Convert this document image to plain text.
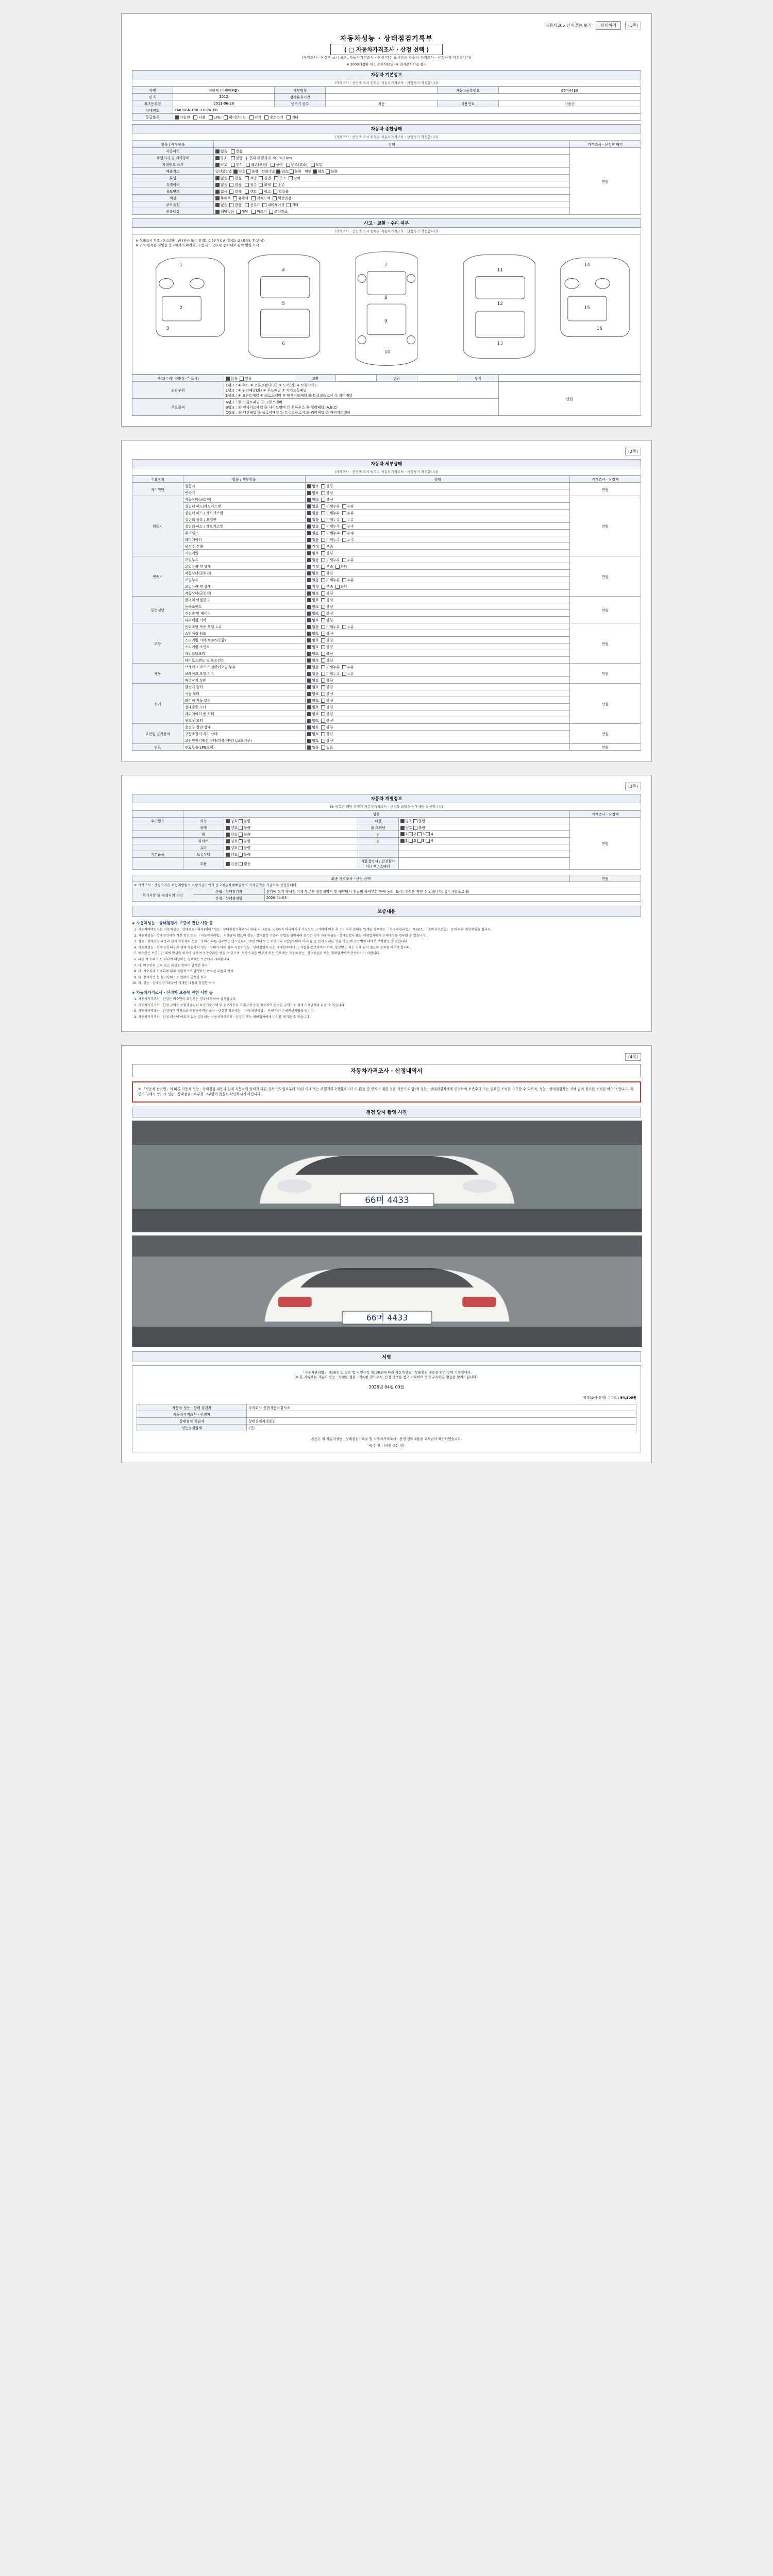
자동차365 안내말씀 보기	인쇄하기	(1쪽)
자동차성능 · 상태점검기록부
( □ 자동차가격조사 · 산정 선택 )
(가격조사 · 산정액 표시 포함, 자동차가격조사 · 산정 액수 표시란은 자동차 가격조사 · 산정자가 작성합니다)
※ 2008개정판 제 1 호서식(2면) ※ 전자문서이용 불가
자동차 기본정보
(가격조사 · 산정액 표시 항목은 자동차가격조사 · 산정자가 작성합니다)
차명	아반떼 (아반떼MD)	세부명칭		자동차등록번호	66머4433
연 식	2012	검사유효기간			
최초등록일	2011-06-28	변속기 종류	자동	사용연료	가솔린
차대번호	KMHD041DBCU1024186				
등급분류	가솔린 디젤 LPG 하이브리드 전기 수소전기 기타				
자동차 종합상태
(가격조사 · 산정액 표시 항목은 자동차가격조사 · 산정자가 작성합니다)
항목 / 세부항목	상태	가격조사 · 산정액 빼기
사용이력	없음 있음	만원
주행거리 및 계기상태	양호 불량   |  현재 주행거리 90,917 km	
차대번호 표기	양호 부식 훼손(오염) 상이 변조(위조) 도말	
배출가스	일산화탄소 양호 불량 탄화수소 양호 불량 매연 양호 불량	
튜닝	없음 있음 적법 불법 구조 장치	
특별이력	없음 있음 침수 화재 전손	
용도변경	없음 있음 렌트 리스 영업용	
색상	무채색 유채색 전체도색 색상변경	
주요옵션	없음 있음 선루프 내비게이션 기타	
리콜대상	해당없음 해당 미조치 조치완료	
사고 · 교환 · 수리 여부
(가격조사 · 산정액 표시 항목은 자동차가격조사 · 산정자가 작성합니다)
※ 상태표시 부호 : X (교환), W (판금 또는 용접), C (부식), A (흠집), U (요철), T (손상)
※ 위의 항목은 설명을 참고하시기 바라며, 그림 위의 번호는 순서대로 판의 명칭 표시
1
2
3
4
5
6
7
8
9
10
11
12
13
14
15
16
사고(수리)이력(유·무 표시)	없음 있음	교환		판금		부식	
외판부위	1랭크 : ① 후드 ② 프론트펜더(좌) ③ 도어(좌) ④ 트렁크리드
2랭크 : ⑤ 쿼터패널(좌) ⑥ 루프패널 ⑦ 사이드실패널
3랭크 : ⑧ 프론트패널 ⑨ 크로스멤버 ⑩ 인사이드패널 ⑪ 트렁크플로어 ⑫ 리어패널						만원
주요골격	A랭크 : ⑬ 프론트패널 ⑭ 크로스멤버
B랭크 : ⑮ 인사이드패널 ⑯ 사이드멤버 ⑰ 휠하우스 ⑱ 필러패널 (A,B,C)
C랭크 : ⑲ 대쉬패널 ⑳ 플로어패널 ㉑ 트렁크플로어 ㉒ 리어패널 ㉓ 패키지트레이						
(2쪽)
자동차 세부상태
(가격조사 · 산정액 표시 항목은 자동차가격조사 · 산정자가 작성합니다)
주요장치	항목 / 세부항목	상태	가격조사 · 산정액
자기진단	원동기	양호 불량	만원
	변속기	양호 불량	
원동기	작동상태(공회전)	양호 불량	만원
	실린더 헤드/헤드가스켓	없음 미세누유 누유	
	실린더 헤드 / 헤드개스킷	없음 미세누유 누유	
	실린더 블록 / 오일팬	없음 미세누유 누유	
	실린더 헤드 / 헤드가스켓	없음 미세누수 누수	
	워터펌프	없음 미세누수 누수	
	라디에이터	없음 미세누수 누수	
	냉각수 수량	적정 부족	
	커먼레일	양호 불량	
변속기	오일누유	없음 미세누유 누유	만원
	오일유량 및 상태	적정 부족 과다	
	작동상태(공회전)	양호 불량	
	오일누유	없음 미세누유 누유	
	오일유량 및 상태	적정 부족 과다	
	작동상태(공회전)	양호 불량	
동력전달	클러치 어셈블리	양호 불량	만원
	등속조인트	양호 불량	
	추진축 및 베어링	양호 불량	
	디퍼렌셜 기어	양호 불량	
조향	동력조향 작동 오일 누유	없음 미세누유 누유	만원
	스티어링 펌프	양호 불량	
	스티어링 기어(MDPS포함)	양호 불량	
	스티어링 조인트	양호 불량	
	파워크랭크암	양호 불량	
	타이로드엔드 및 볼조인트	양호 불량	
제동	브레이크 마스터 실린더오일 누유	없음 미세누유 누유	만원
	브레이크 오일 누유	없음 미세누유 누유	
	배력장치 상태	양호 불량	
전기	발전기 출력	양호 불량	만원
	시동 모터	양호 불량	
	와이퍼 기능 모터	양호 불량	
	실내송풍 모터	양호 불량	
	라디에이터 팬 모터	양호 불량	
	윈도우 모터	양호 불량	
고전원 전기장치	충전구 절연 상태	양호 불량	만원
	구동축전지 격리 상태	양호 불량	
	고전원전기배선 상태(피복,커넥터,보호기구)	양호 불량	
연료	연료누출(LPG포함)	없음 있음	만원
(3쪽)
자동차 개별정보
(※ 항목은 해당 산정자 자동차가격조사 · 산정을 희망한 경우에만 작성합니다)
	항목				가격조사 · 산정액
수리필요	외장	양호 불량	내장	양호 불량	만원
	광택	양호 불량	룸 크리닝	양호 불량	
	휠	양호 불량	전	1 2 3 4	
	타이어	양호 불량	전	1 2 3 4	
	유리	양호 불량			
기본품목	보유상태	양호 불량			
	부품	있음 없음	사용설명서 / 안전삼각대 / 잭 / 스패너		
최종 가격조사 · 산정 금액			만원
※ 가격조사 · 산정가격은 보험개발원의 차량기준가액과 중고자동차매매업자의 거래금액을 기준으로 산정합니다.			
특기사항 및 점검자의 의견	운행 · 상태점검자	점검에 특기 형사적 기재 부분은 점검내역서 및 계약당시 후급의 하자부분 판매 동의, 도색, 부식은 진행 수 있습니다. 유수사항으로 봄	
	산정 · 상태점검일	2026-04-03	
보증내용
◈ 자동차성능 · 상태점검자 보증에 관한 사항 등
1. 자동차매매업자는 자동차성능 · 상태점검기록부(이하 "성능 · 상태점검기록부"라 한다)의 내용을 고지하지 아니하거나 거짓으로 고지하여 매수 후 소비자가 손해를 입게된 경우에는 「자동차관리법」 제58조, 「소비자기본법」 등에 따라 배상책임을 집니다.
2. 자동차성능 · 상태점검자가 거짓 점검 또는 「자동차관리법」 시행규칙 별표의 성능 · 상태점검 기준과 방법을 위반하여 점검한 경우 자동차성능 · 상태점검자 또는 매매업자에게 손해배상을 청구할 수 있습니다.
3. 성능 · 상태점검 내용과 실제 자동차의 성능 · 상태가 다른 경우에는 인도일부터 30일 이내 또는 주행거리 2천킬로미터 이내(둘 중 먼저 도래한 것을 기준)에 보증범위 내에서 보장받을 수 있습니다.
4. 자동차성능 · 상태점검 내용과 실제 자동차의 성능 · 상태가 다른 경우 자동차성능 · 상태점검자 또는 매매업자에게 그 사실을 통보하여야 하며, 통보받은 자는 지체 없이 필요한 조치를 하여야 합니다.
5. 매수인은 보증기간 내에 발생한 하자에 대하여 보증수리를 받을 수 있으며, 보증수리를 받고자 하는 경우에는 자동차성능 · 상태점검자 또는 매매업자에게 연락하시기 바랍니다.
6. 다음 각 호의 어느 하나에 해당하는 경우에는 보증에서 제외됩니다.
7. 가. 매수인의 고의 또는 과실로 인하여 발생한 하자
8. 나. 자동차의 노후화에 따라 자연적으로 발생하는 마모성 부품의 하자
9. 다. 천재지변 등 불가항력으로 인하여 발생한 하자
10. 라. 성능 · 상태점검기록부에 기재된 내용과 동일한 하자
◈ 자동차가격조사 · 산정자 보증에 관한 사항 등
1. 자동차가격조사 · 산정은 매수인이 요청하는 경우에 한하여 실시합니다.
2. 자동차가격조사 · 산정 금액은 보험개발원의 차량기준가액 및 중고자동차 거래금액 등을 참고하여 산정한 금액으로 실제 거래금액과 다를 수 있습니다.
3. 자동차가격조사 · 산정자가 거짓으로 자동차가격을 조사 · 산정한 경우에는 「자동차관리법」 등에 따라 손해배상책임을 집니다.
4. 자동차가격조사 · 산정 내용에 이의가 있는 경우에는 자동차가격조사 · 산정자 또는 매매업자에게 이의를 제기할 수 있습니다.
(4쪽)
자동차가격조사 · 산정내역서
※ 「자동차 관리법」에 따른 자동차 성능 · 상태점검 내용과 실제 자동차의 상태가 다른 경우 인도일로부터 30일 이내 또는 주행거리 2천킬로미터 이내(둘 중 먼저 도래한 것을 기준으로 함)에 성능 · 상태점검자에게 연락하여 보증수리 또는 필요한 조치를 요구할 수 있으며, 성능 · 상태점검자는 지체 없이 필요한 조치를 하여야 합니다. 자동차 구매시 반드시 성능 · 상태점검기록부를 교부받아 꼼꼼히 확인하시기 바랍니다.
점검 당시 촬영 사진
66머 4433
66머 4433
서명
「자동차관리법」 제58조 및 같은 법 시행규칙 제120조에 따라 자동차성능 · 상태점검 내용을 위와 같이 기록합니다.
(※ 본 기록부는 자동차 성능 · 상태를 점검 · 기록한 것으로서, 산정 금액은 참고 자료이며 법적 구속력은 없음을 알려드립니다.)
2026년 04월 03일
책정(조사·산정) 수수료 : 54,500원
자동차 성능 · 상태 점검자	주식회사 신한자동차검사소
자동차가격조사 · 산정자	
상태점검 책임자	상태점검자명종인
성능점검업체	(인)
본인은 위 자동차성능 · 상태점검기록부 및 자동차가격조사 · 산정 선택내용을 교부받아 확인하였습니다.
매 수 인 : (서명 또는 인)
